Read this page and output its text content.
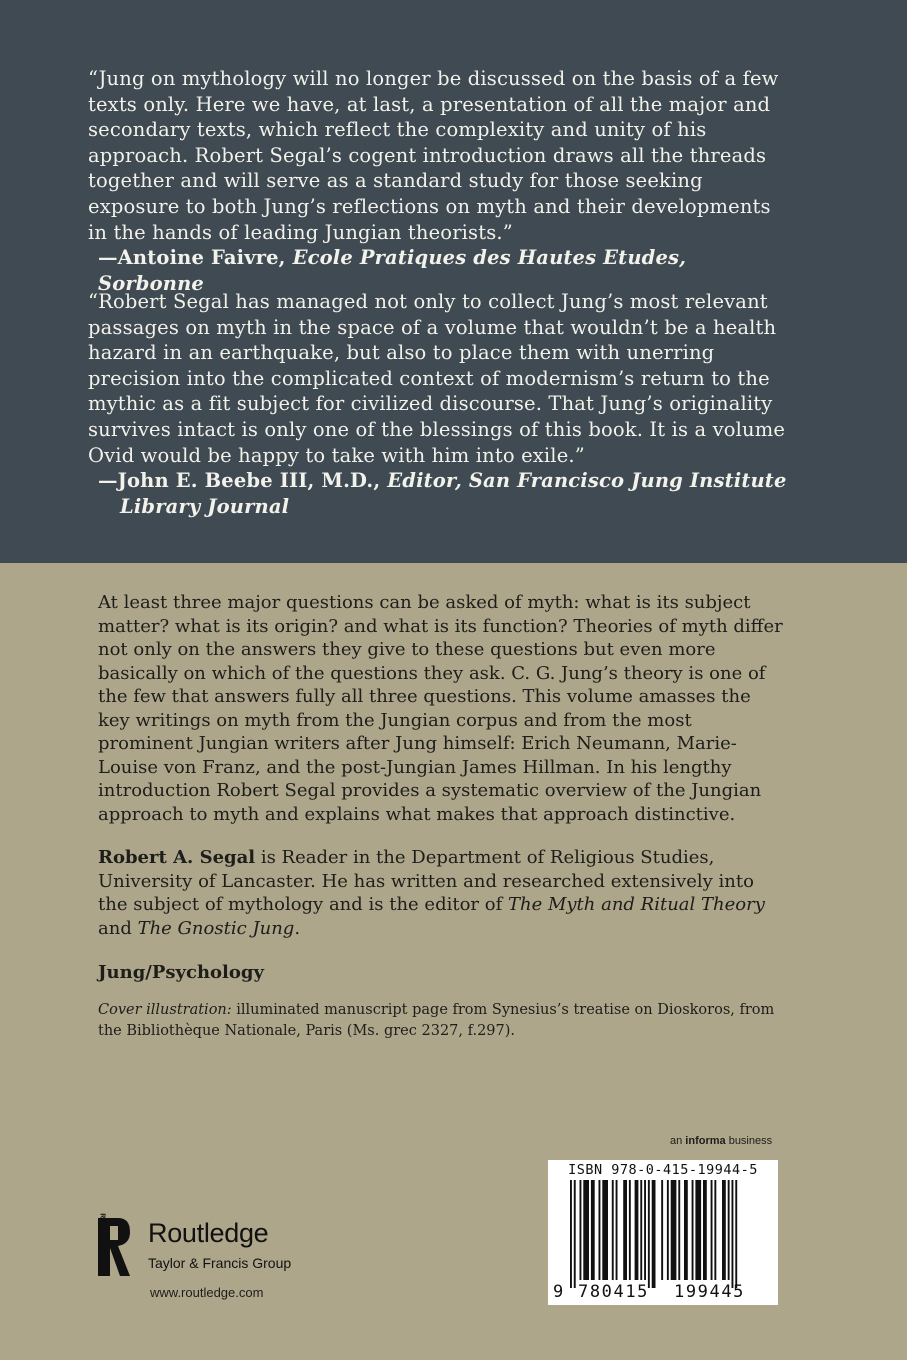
“Jung on mythology will no longer be discussed on the basis of a few texts only. Here we have, at last, a presentation of all the major and secondary texts, which reflect the complexity and unity of his approach. Robert Segal’s cogent introduction draws all the threads together and will serve as a standard study for those seeking exposure to both Jung’s reflections on myth and their developments in the hands of leading Jungian theorists.”

—Antoine Faivre, Ecole Pratiques des Hautes Etudes, Sorbonne

“Robert Segal has managed not only to collect Jung’s most relevant passages on myth in the space of a volume that wouldn’t be a health hazard in an earthquake, but also to place them with unerring precision into the complicated context of modernism’s return to the mythic as a fit subject for civilized discourse. That Jung’s originality survives intact is only one of the blessings of this book. It is a volume Ovid would be happy to take with him into exile.”

—John E. Beebe III, M.D., Editor, San Francisco Jung Institute
Library Journal

At least three major questions can be asked of myth: what is its subject matter? what is its origin? and what is its function? Theories of myth differ not only on the answers they give to these questions but even more basically on which of the questions they ask. C. G. Jung’s theory is one of the few that answers fully all three questions. This volume amasses the key writings on myth from the Jungian corpus and from the most prominent Jungian writers after Jung himself: Erich Neumann, Marie-Louise von Franz, and the post-Jungian James Hillman. In his lengthy introduction Robert Segal provides a systematic overview of the Jungian approach to myth and explains what makes that approach distinctive.

Robert A. Segal is Reader in the Department of Religious Studies, University of Lancaster. He has written and researched extensively into the subject of mythology and is the editor of The Myth and Ritual Theory and The Gnostic Jung.

Jung/Psychology
Cover illustration: illuminated manuscript page from Synesius’s treatise on Dioskoros, from the Bibliothèque Nationale, Paris (Ms. grec 2327, f.297).
an informa business
ISBN 978-0-415-19944-5
9 780415 199445
ROUTLEDGE Routledge
Taylor & Francis Group
www.routledge.com
